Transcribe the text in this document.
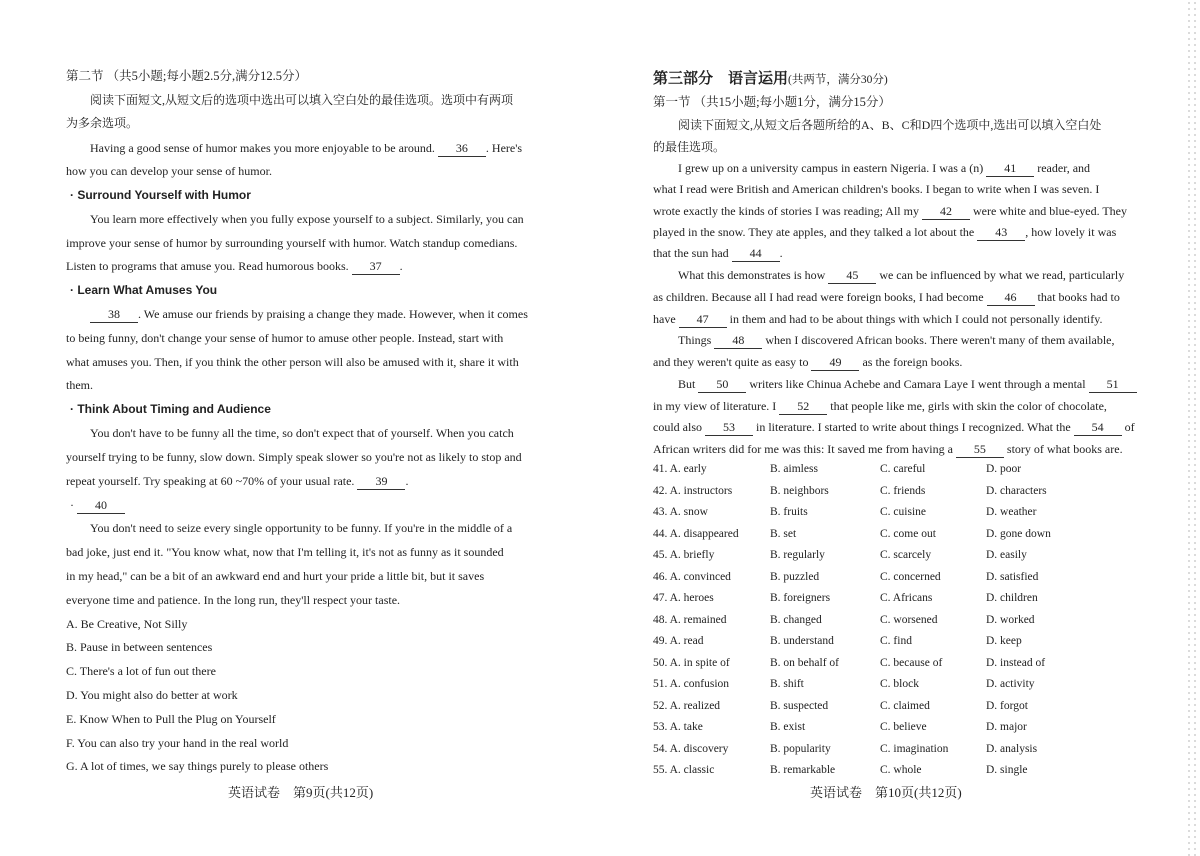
第二节 （共5小题;每小题2.5分,满分12.5分）
阅读下面短文,从短文后的选项中选出可以填入空白处的最佳选项。选项中有两项
为多余选项。
Having a good sense of humor makes you more enjoyable to be around. 36 . Here's
how you can develop your sense of humor.
· Surround Yourself with Humor
You learn more effectively when you fully expose yourself to a subject. Similarly, you can
improve your sense of humor by surrounding yourself with humor. Watch standup comedians.
Listen to programs that amuse you. Read humorous books. 37 .
· Learn What Amuses You
38 . We amuse our friends by praising a change they made. However, when it comes
to being funny, don't change your sense of humor to amuse other people. Instead, start with
what amuses you. Then, if you think the other person will also be amused with it, share it with
them.
· Think About Timing and Audience
You don't have to be funny all the time, so don't expect that of yourself. When you catch
yourself trying to be funny, slow down. Simply speak slower so you're not as likely to stop and
repeat yourself. Try speaking at 60 ~70% of your usual rate. 39 .
· 40
You don't need to seize every single opportunity to be funny. If you're in the middle of a
bad joke, just end it. "You know what, now that I'm telling it, it's not as funny as it sounded
in my head," can be a bit of an awkward end and hurt your pride a little bit, but it saves
everyone time and patience. In the long run, they'll respect your taste.
A. Be Creative, Not Silly
B. Pause in between sentences
C. There's a lot of fun out there
D. You might also do better at work
E. Know When to Pull the Plug on Yourself
F. You can also try your hand in the real world
G. A lot of times, we say things purely to please others
英语试卷　第9页(共12页)
第三部分　语言运用(共两节，满分30分)
第一节 （共15小题;每小题1分，满分15分）
阅读下面短文,从短文后各题所给的A、B、C和D四个选项中,选出可以填入空白处
的最佳选项。
I grew up on a university campus in eastern Nigeria. I was a (n) 41 reader, and
what I read were British and American children's books. I began to write when I was seven. I
wrote exactly the kinds of stories I was reading; All my 42 were white and blue-eyed. They
played in the snow. They ate apples, and they talked a lot about the 43 , how lovely it was
that the sun had 44 .
What this demonstrates is how 45 we can be influenced by what we read, particularly
as children. Because all I had read were foreign books, I had become 46 that books had to
have 47 in them and had to be about things with which I could not personally identify.
Things 48 when I discovered African books. There weren't many of them available,
and they weren't quite as easy to 49 as the foreign books.
But 50 writers like Chinua Achebe and Camara Laye I went through a mental 51
in my view of literature. I 52 that people like me, girls with skin the color of chocolate,
could also 53 in literature. I started to write about things I recognized. What the 54 of
African writers did for me was this: It saved me from having a 55 story of what books are.
41. A. early	B. aimless	C. careful	D. poor
42. A. instructors	B. neighbors	C. friends	D. characters
43. A. snow	B. fruits	C. cuisine	D. weather
44. A. disappeared	B. set	C. come out	D. gone down
45. A. briefly	B. regularly	C. scarcely	D. easily
46. A. convinced	B. puzzled	C. concerned	D. satisfied
47. A. heroes	B. foreigners	C. Africans	D. children
48. A. remained	B. changed	C. worsened	D. worked
49. A. read	B. understand	C. find	D. keep
50. A. in spite of	B. on behalf of	C. because of	D. instead of
51. A. confusion	B. shift	C. block	D. activity
52. A. realized	B. suspected	C. claimed	D. forgot
53. A. take	B. exist	C. believe	D. major
54. A. discovery	B. popularity	C. imagination	D. analysis
55. A. classic	B. remarkable	C. whole	D. single
英语试卷　第10页(共12页)
